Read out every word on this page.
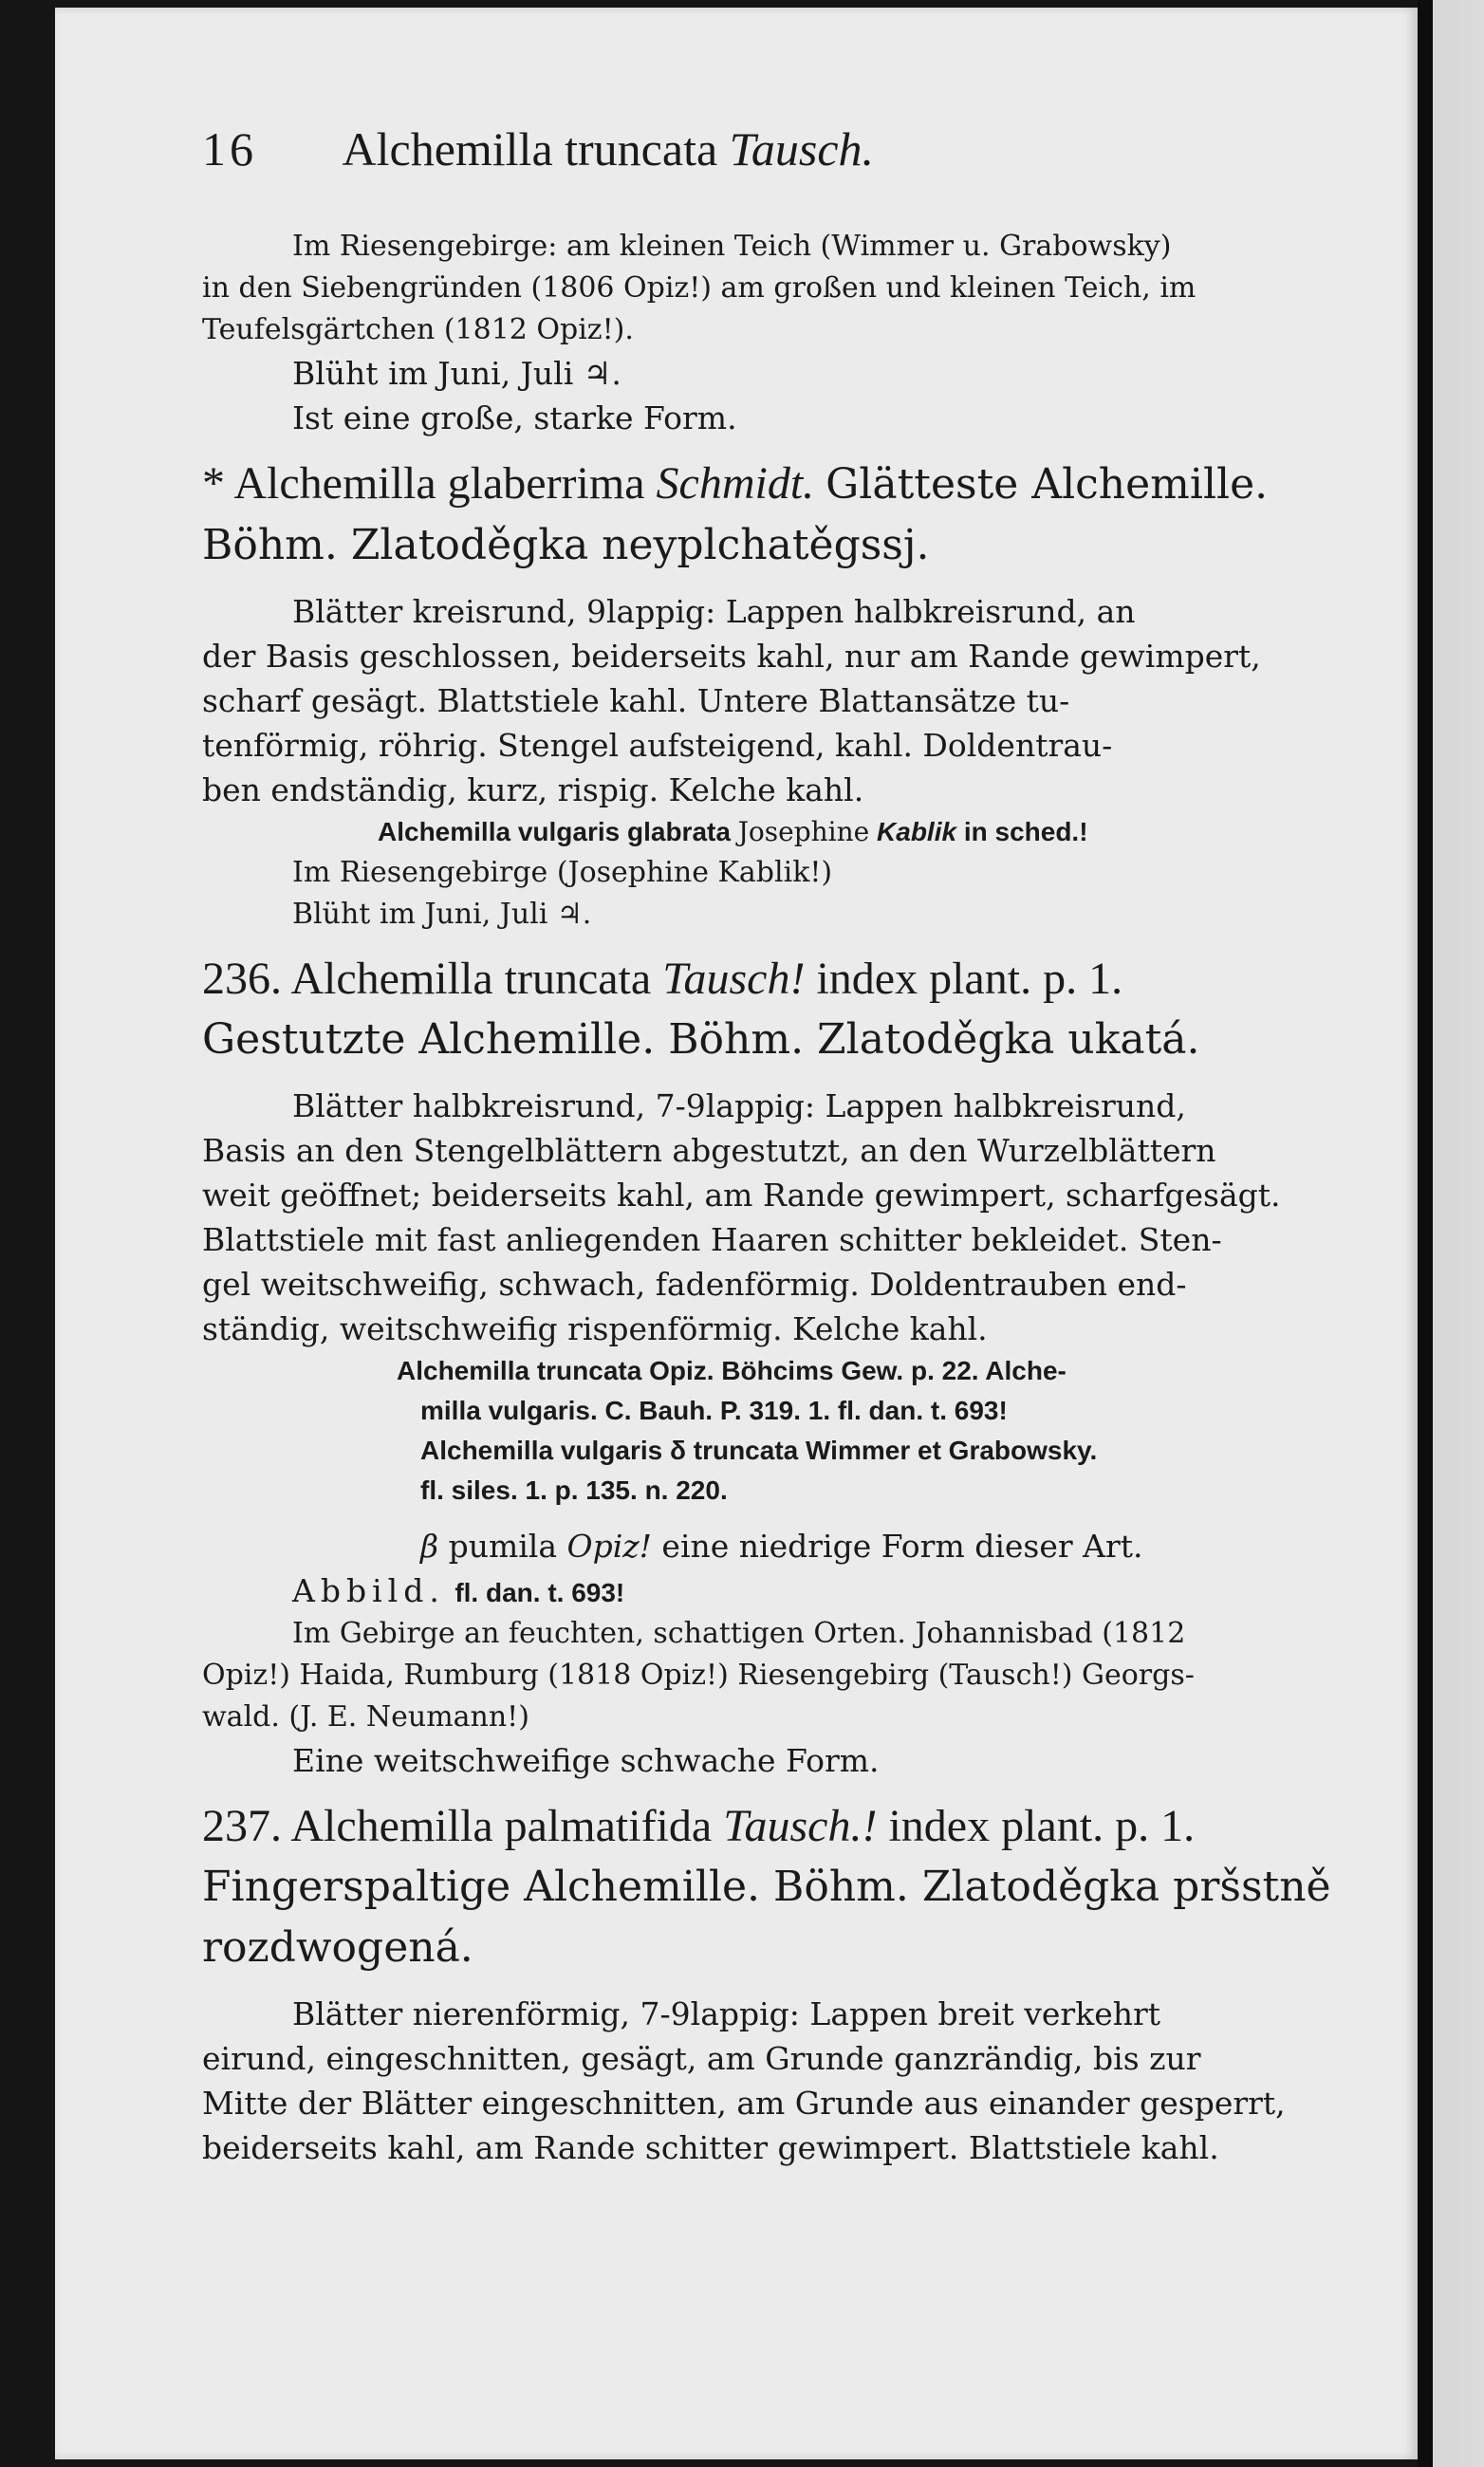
16 Alchemilla truncata Tausch.
Im Riesengebirge: am kleinen Teich (Wimmer u. Grabowsky)
in den Siebengründen (1806 Opiz!) am großen und kleinen Teich, im
Teufelsgärtchen (1812 Opiz!).
Blüht im Juni, Juli ♃.
Ist eine große, starke Form.
* Alchemilla glaberrima Schmidt. Glätteste Alchemille.
Böhm. Zlatoděgka neyplchatěgssj.
Blätter kreisrund, 9lappig: Lappen halbkreisrund, an
der Basis geschlossen, beiderseits kahl, nur am Rande gewimpert,
scharf gesägt. Blattstiele kahl. Untere Blattansätze tu-
tenförmig, röhrig. Stengel aufsteigend, kahl. Doldentrau-
ben endständig, kurz, rispig. Kelche kahl.
Alchemilla vulgaris glabrata Josephine Kablik in sched.!
Im Riesengebirge (Josephine Kablik!)
Blüht im Juni, Juli ♃.
236. Alchemilla truncata Tausch! index plant. p. 1.
Gestutzte Alchemille. Böhm. Zlatoděgka ukatá.
Blätter halbkreisrund, 7-9lappig: Lappen halbkreisrund,
Basis an den Stengelblättern abgestutzt, an den Wurzelblättern
weit geöffnet; beiderseits kahl, am Rande gewimpert, scharfgesägt.
Blattstiele mit fast anliegenden Haaren schitter bekleidet. Sten-
gel weitschweifig, schwach, fadenförmig. Doldentrauben end-
ständig, weitschweifig rispenförmig. Kelche kahl.
Alchemilla truncata Opiz. Böhcims Gew. p. 22. Alche-
milla vulgaris. C. Bauh. P. 319. 1. fl. dan. t. 693!
Alchemilla vulgaris δ truncata Wimmer et Grabowsky.
fl. siles. 1. p. 135. n. 220.
β pumila Opiz! eine niedrige Form dieser Art.
Abbild. fl. dan. t. 693!
Im Gebirge an feuchten, schattigen Orten. Johannisbad (1812
Opiz!) Haida, Rumburg (1818 Opiz!) Riesengebirg (Tausch!) Georgs-
wald. (J. E. Neumann!)
Eine weitschweifige schwache Form.
237. Alchemilla palmatifida Tausch.! index plant. p. 1.
Fingerspaltige Alchemille. Böhm. Zlatoděgka pršstně
rozdwogená.
Blätter nierenförmig, 7-9lappig: Lappen breit verkehrt
eirund, eingeschnitten, gesägt, am Grunde ganzrändig, bis zur
Mitte der Blätter eingeschnitten, am Grunde aus einander gesperrt,
beiderseits kahl, am Rande schitter gewimpert. Blattstiele kahl.
